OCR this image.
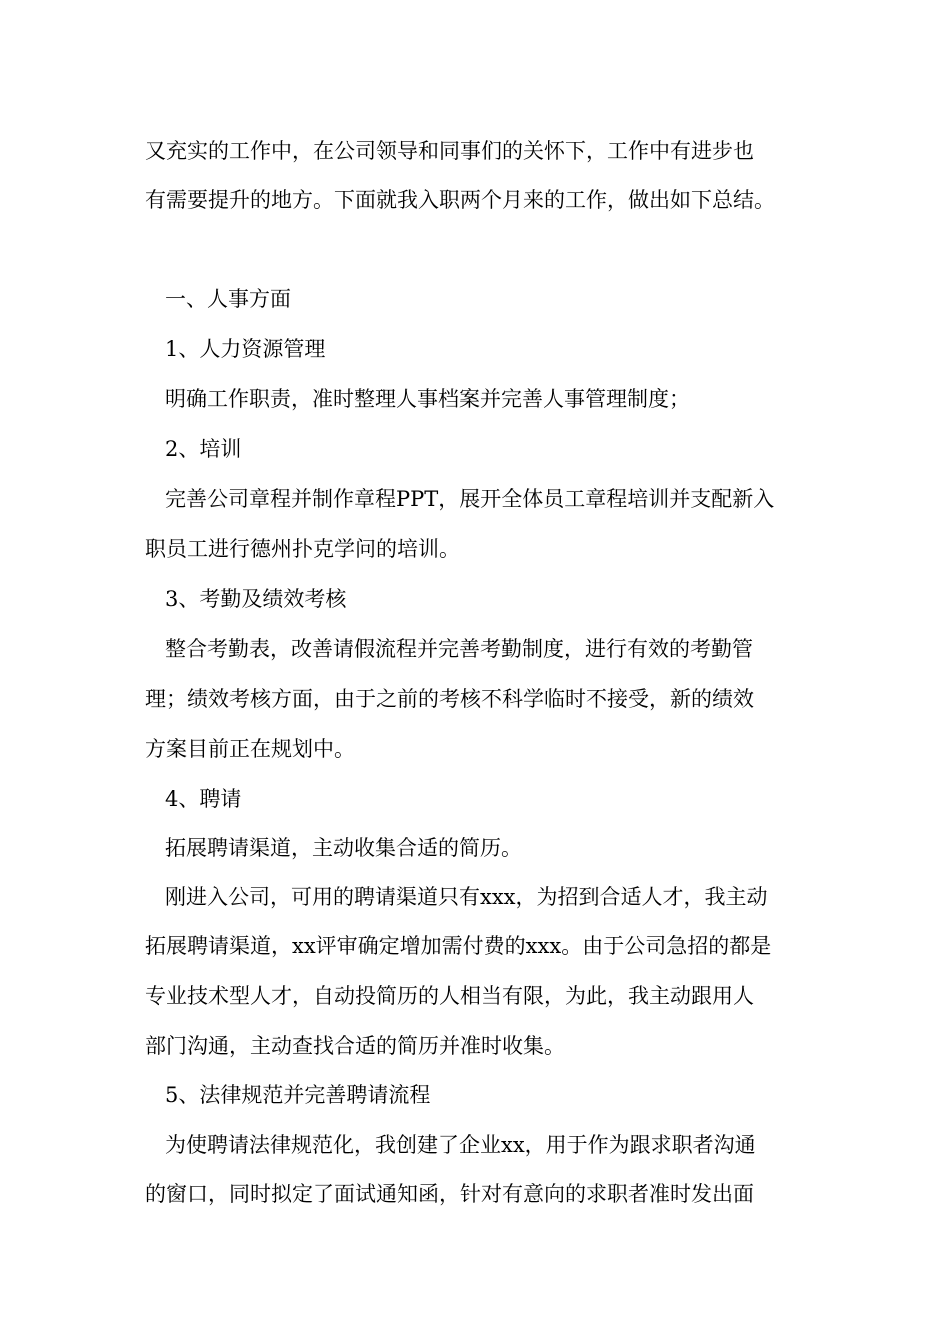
又充实的工作中，在公司领导和同事们的关怀下，工作中有进步也
有需要提升的地方。下面就我入职两个月来的工作，做出如下总结。
一、人事方面
1、人力资源管理
明确工作职责，准时整理人事档案并完善人事管理制度；
2、培训
完善公司章程并制作章程PPT，展开全体员工章程培训并支配新入
职员工进行德州扑克学问的培训。
3、考勤及绩效考核
整合考勤表，改善请假流程并完善考勤制度，进行有效的考勤管
理；绩效考核方面，由于之前的考核不科学临时不接受，新的绩效
方案目前正在规划中。
4、聘请
拓展聘请渠道，主动收集合适的简历。
刚进入公司，可用的聘请渠道只有xxx，为招到合适人才，我主动
拓展聘请渠道，xx评审确定增加需付费的xxx。由于公司急招的都是
专业技术型人才，自动投简历的人相当有限，为此，我主动跟用人
部门沟通，主动查找合适的简历并准时收集。
5、法律规范并完善聘请流程
为使聘请法律规范化，我创建了企业xx，用于作为跟求职者沟通
的窗口，同时拟定了面试通知函，针对有意向的求职者准时发出面
